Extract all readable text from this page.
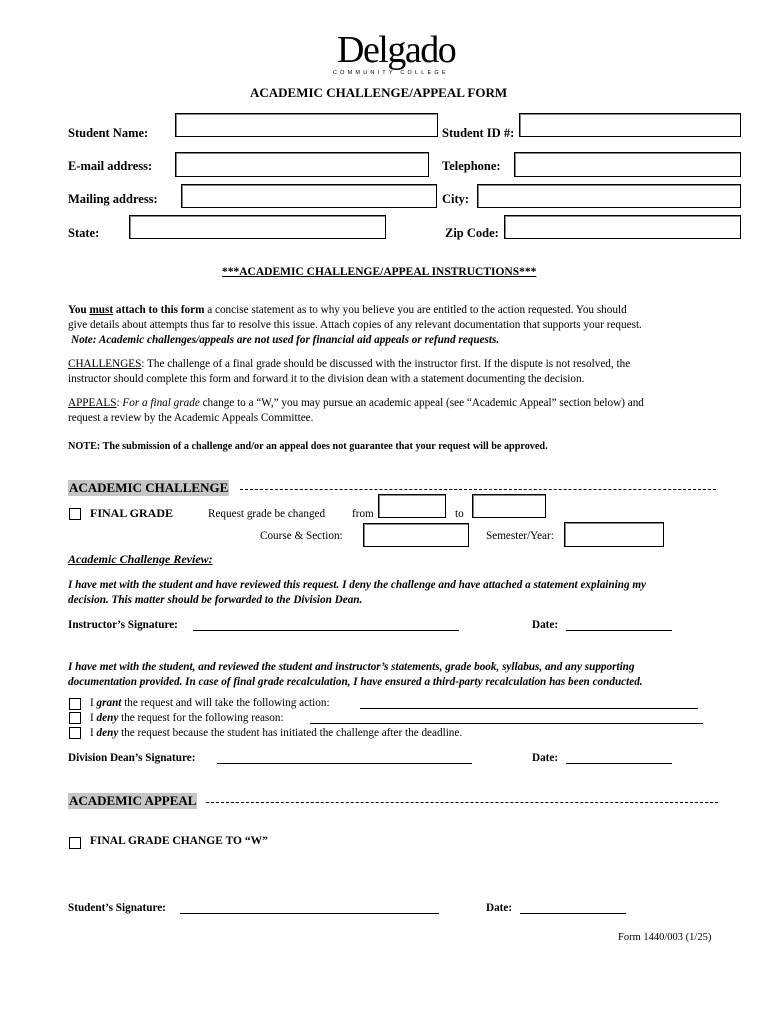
Delgado
COMMUNITY COLLEGE
ACADEMIC CHALLENGE/APPEAL FORM
Student Name:	Student ID #:
E-mail address:	Telephone:
Mailing address:	City:
State:	Zip Code:
***ACADEMIC CHALLENGE/APPEAL INSTRUCTIONS***
You must attach to this form a concise statement as to why you believe you are entitled to the action requested. You should
give details about attempts thus far to resolve this issue. Attach copies of any relevant documentation that supports your request.
Note: Academic challenges/appeals are not used for financial aid appeals or refund requests.
CHALLENGES: The challenge of a final grade should be discussed with the instructor first. If the dispute is not resolved, the
instructor should complete this form and forward it to the division dean with a statement documenting the decision.
APPEALS: For a final grade change to a “W,” you may pursue an academic appeal (see “Academic Appeal” section below) and
request a review by the Academic Appeals Committee.
NOTE: The submission of a challenge and/or an appeal does not guarantee that your request will be approved.
ACADEMIC CHALLENGE
FINAL GRADE	Request grade be changed from	to
Course & Section:	Semester/Year:
Academic Challenge Review:
I have met with the student and have reviewed this request. I deny the challenge and have attached a statement explaining my
decision. This matter should be forwarded to the Division Dean.
Instructor’s Signature:	Date:
I have met with the student, and reviewed the student and instructor’s statements, grade book, syllabus, and any supporting
documentation provided. In case of final grade recalculation, I have ensured a third-party recalculation has been conducted.
I grant the request and will take the following action:
I deny the request for the following reason:
I deny the request because the student has initiated the challenge after the deadline.
Division Dean’s Signature:	Date:
ACADEMIC APPEAL
FINAL GRADE CHANGE TO “W”
Student’s Signature:	Date:
Form 1440/003 (1/25)
